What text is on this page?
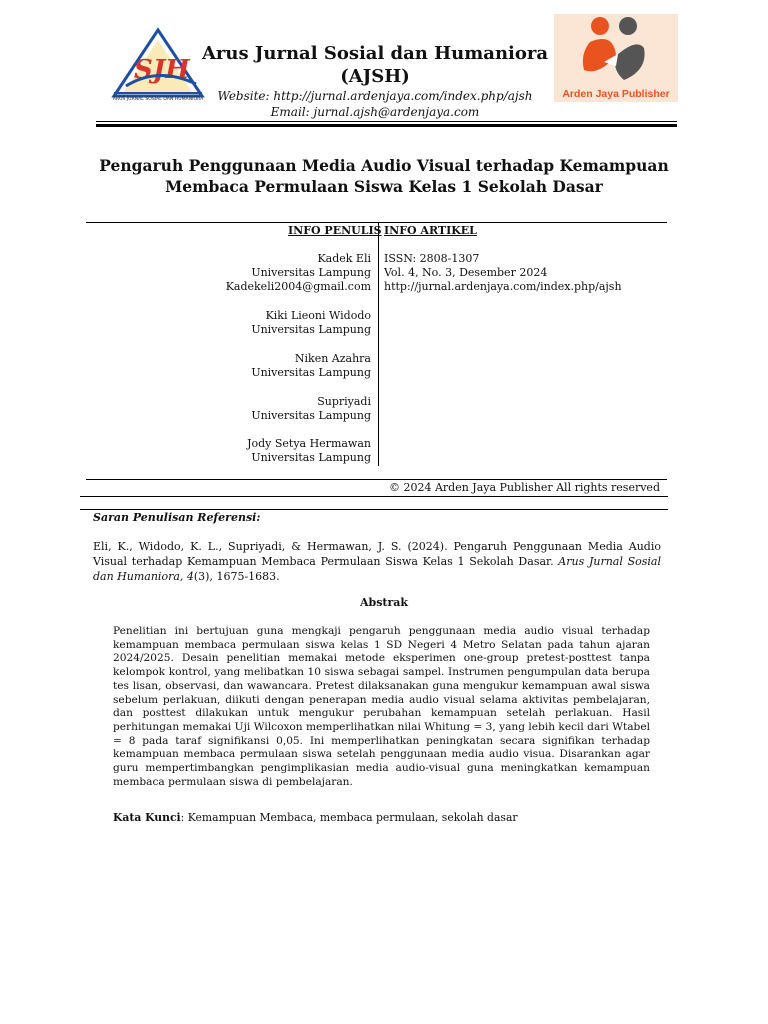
SJH
ARUS JURNAL SOSIAL DAN HUMANIORA
Arus Jurnal Sosial dan Humaniora
(AJSH)
Website: http://jurnal.ardenjaya.com/index.php/ajsh
Email: jurnal.ajsh@ardenjaya.com
Arden Jaya Publisher
Pengaruh Penggunaan Media Audio Visual terhadap Kemampuan
Membaca Permulaan Siswa Kelas 1 Sekolah Dasar
INFO PENULIS INFO ARTIKEL
Kadek Eli
Universitas Lampung
Kadekeli2004@gmail.com
Kiki Lieoni Widodo
Universitas Lampung
Niken Azahra
Universitas Lampung
Supriyadi
Universitas Lampung
Jody Setya Hermawan
Universitas Lampung
ISSN: 2808-1307
Vol. 4, No. 3, Desember 2024
http://jurnal.ardenjaya.com/index.php/ajsh
© 2024 Arden Jaya Publisher All rights reserved
Saran Penulisan Referensi:
Eli, K., Widodo, K. L., Supriyadi, & Hermawan, J. S. (2024). Pengaruh Penggunaan Media Audio Visual terhadap Kemampuan Membaca Permulaan Siswa Kelas 1 Sekolah Dasar. Arus Jurnal Sosial dan Humaniora, 4(3), 1675-1683.
Abstrak
Penelitian ini bertujuan guna mengkaji pengaruh penggunaan media audio visual terhadap kemampuan membaca permulaan siswa kelas 1 SD Negeri 4 Metro Selatan pada tahun ajaran 2024/2025. Desain penelitian memakai metode eksperimen one-group pretest-posttest tanpa kelompok kontrol, yang melibatkan 10 siswa sebagai sampel. Instrumen pengumpulan data berupa tes lisan, observasi, dan wawancara. Pretest dilaksanakan guna mengukur kemampuan awal siswa sebelum perlakuan, diikuti dengan penerapan media audio visual selama aktivitas pembelajaran, dan posttest dilakukan untuk mengukur perubahan kemampuan setelah perlakuan. Hasil perhitungan memakai Uji Wilcoxon memperlihatkan nilai Whitung = 3, yang lebih kecil dari Wtabel = 8 pada taraf signifikansi 0,05. Ini memperlihatkan peningkatan secara signifikan terhadap kemampuan membaca permulaan siswa setelah penggunaan media audio visua. Disarankan agar guru mempertimbangkan pengimplikasian media audio-visual guna meningkatkan kemampuan membaca permulaan siswa di pembelajaran.
Kata Kunci: Kemampuan Membaca, membaca permulaan, sekolah dasar
